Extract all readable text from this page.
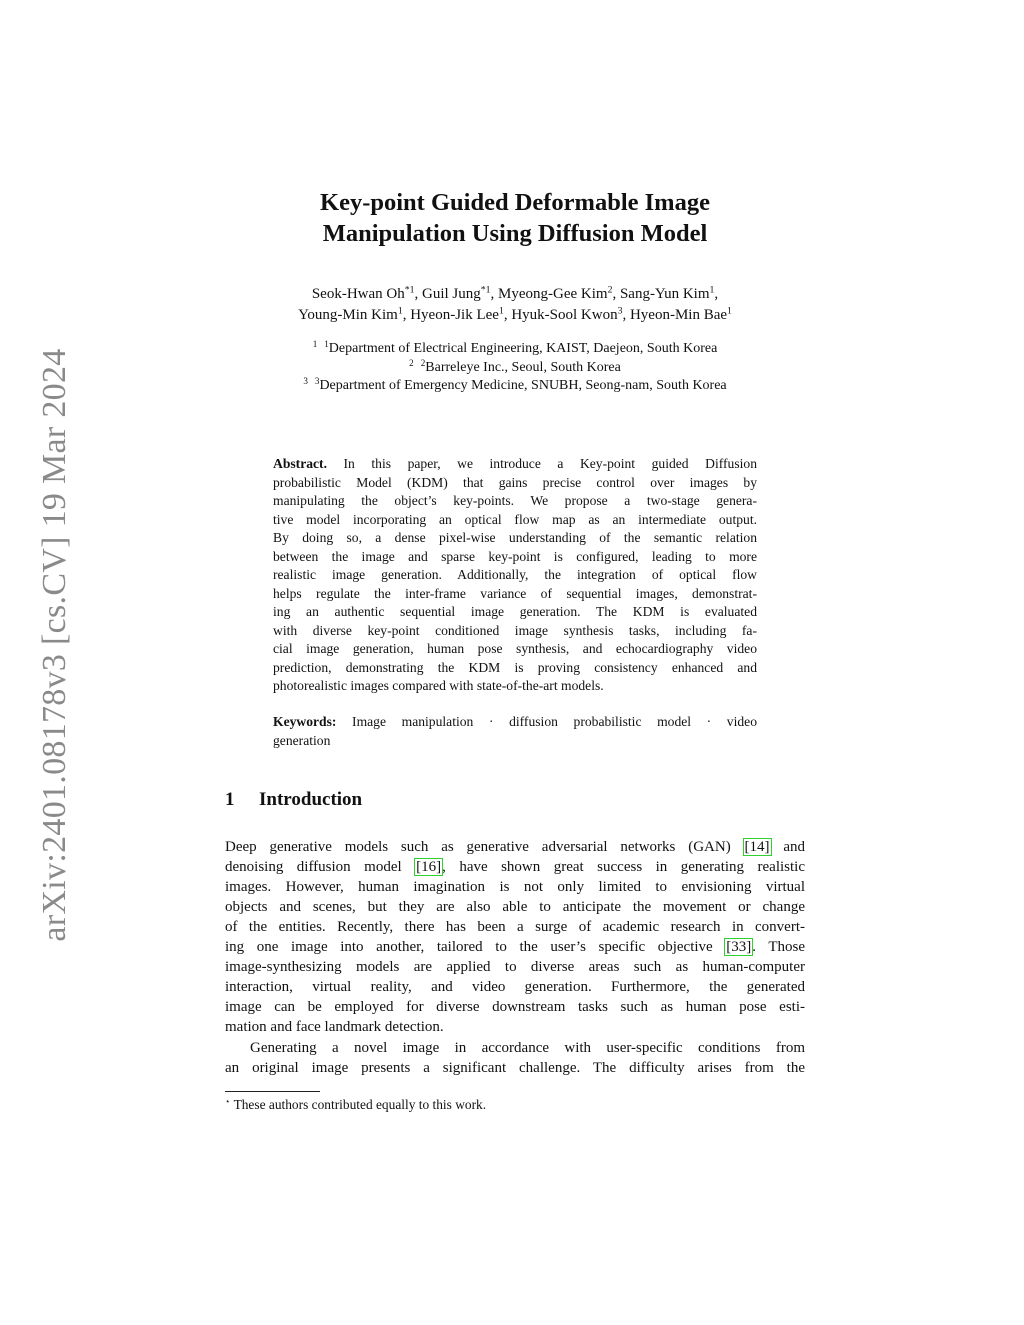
arXiv:2401.08178v3 [cs.CV] 19 Mar 2024
Key-point Guided Deformable Image
Manipulation Using Diffusion Model
Seok-Hwan Oh$^{*1}$, Guil Jung$^{*1}$, Myeong-Gee Kim$^2$, Sang-Yun Kim$^1$,
Young-Min Kim$^1$, Hyeon-Jik Lee$^1$, Hyuk-Sool Kwon$^3$, Hyeon-Min Bae$^1$
$^1$ $^1$Department of Electrical Engineering, KAIST, Daejeon, South Korea
$^2$ $^2$Barreleye Inc., Seoul, South Korea
$^3$ $^3$Department of Emergency Medicine, SNUBH, Seong-nam, South Korea
Abstract. In this paper, we introduce a Key-point guided Diffusion
probabilistic Model (KDM) that gains precise control over images by
manipulating the object’s key-points. We propose a two-stage genera-
tive model incorporating an optical flow map as an intermediate output.
By doing so, a dense pixel-wise understanding of the semantic relation
between the image and sparse key-point is configured, leading to more
realistic image generation. Additionally, the integration of optical flow
helps regulate the inter-frame variance of sequential images, demonstrat-
ing an authentic sequential image generation. The KDM is evaluated
with diverse key-point conditioned image synthesis tasks, including fa-
cial image generation, human pose synthesis, and echocardiography video
prediction, demonstrating the KDM is proving consistency enhanced and
photorealistic images compared with state-of-the-art models.
Keywords: Image manipulation · diffusion probabilistic model · video
generation
1 Introduction
Deep generative models such as generative adversarial networks (GAN) [14] and
denoising diffusion model [16], have shown great success in generating realistic
images. However, human imagination is not only limited to envisioning virtual
objects and scenes, but they are also able to anticipate the movement or change
of the entities. Recently, there has been a surge of academic research in convert-
ing one image into another, tailored to the user’s specific objective [33]. Those
image-synthesizing models are applied to diverse areas such as human-computer
interaction, virtual reality, and video generation. Furthermore, the generated
image can be employed for diverse downstream tasks such as human pose esti-
mation and face landmark detection.
Generating a novel image in accordance with user-specific conditions from
an original image presents a significant challenge. The difficulty arises from the
⋆ These authors contributed equally to this work.
